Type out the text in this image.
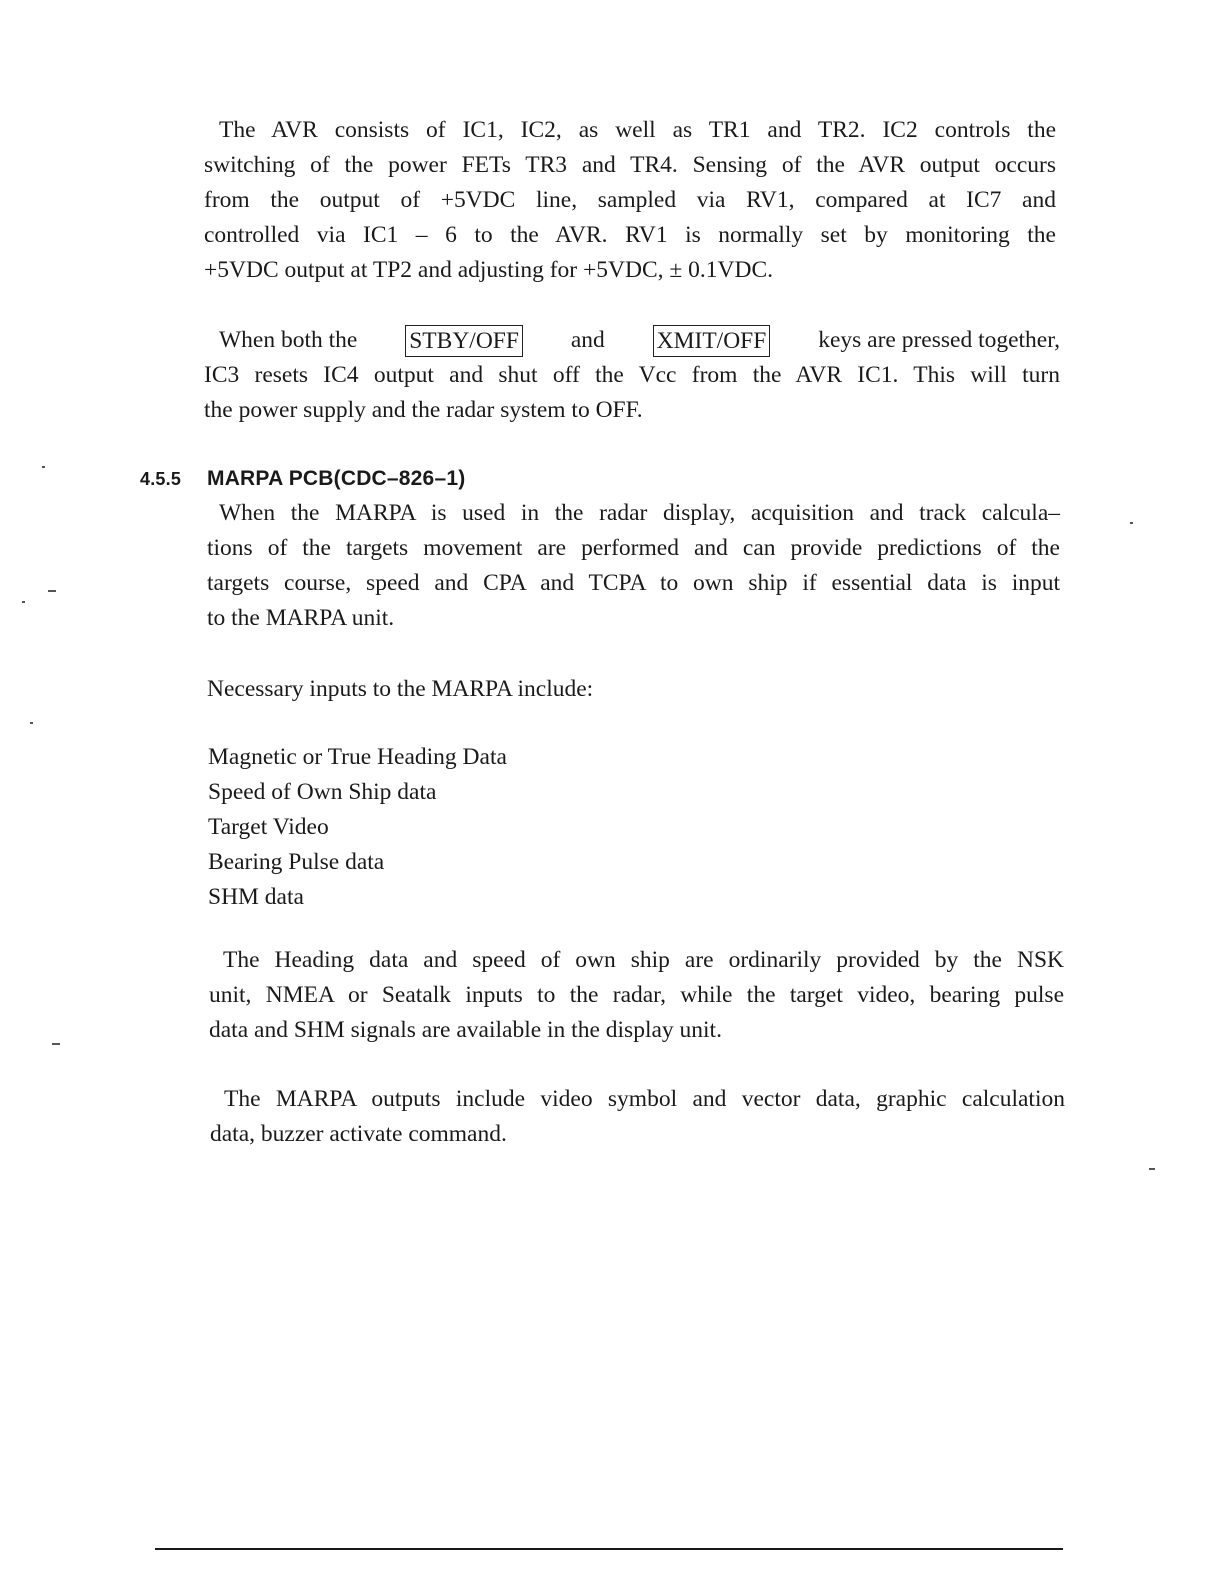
The AVR consists of IC1, IC2, as well as TR1 and TR2. IC2 controls the
switching of the power FETs TR3 and TR4. Sensing of the AVR output occurs
from the output of +5VDC line, sampled via RV1, compared at IC7 and
controlled via IC1 – 6 to the AVR. RV1 is normally set by monitoring the
+5VDC output at TP2 and adjusting for +5VDC, ± 0.1VDC.
When both the STBY/OFF and XMIT/OFF keys are pressed together,
IC3 resets IC4 output and shut off the Vcc from the AVR IC1. This will turn
the power supply and the radar system to OFF.
4.5.5 MARPA PCB(CDC–826–1)
When the MARPA is used in the radar display, acquisition and track calcula–
tions of the targets movement are performed and can provide predictions of the
targets course, speed and CPA and TCPA to own ship if essential data is input
to the MARPA unit.
Necessary inputs to the MARPA include:
Magnetic or True Heading Data
Speed of Own Ship data
Target Video
Bearing Pulse data
SHM data
The Heading data and speed of own ship are ordinarily provided by the NSK
unit, NMEA or Seatalk inputs to the radar, while the target video, bearing pulse
data and SHM signals are available in the display unit.
The MARPA outputs include video symbol and vector data, graphic calculation
data, buzzer activate command.
